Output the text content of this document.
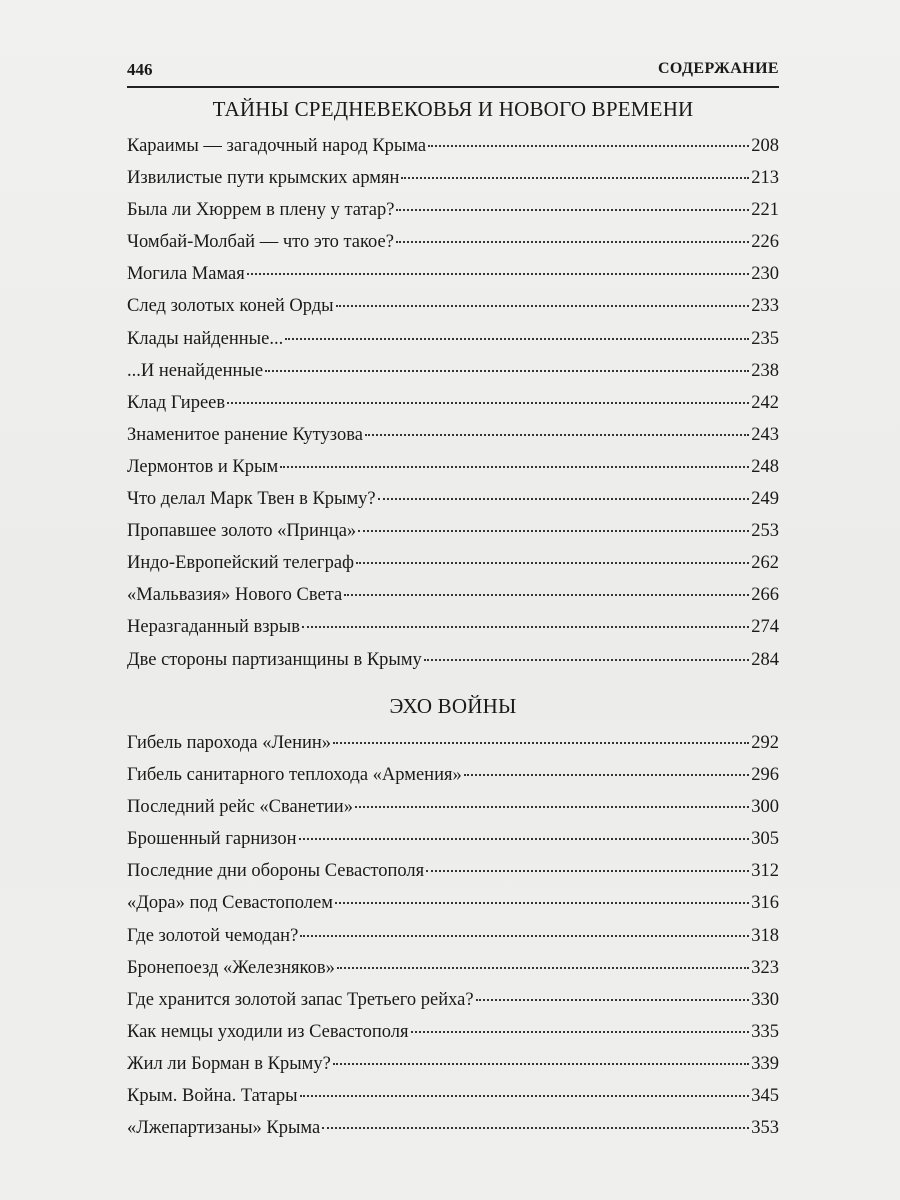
446	СОДЕРЖАНИЕ
ТАЙНЫ СРЕДНЕВЕКОВЬЯ И НОВОГО ВРЕМЕНИ
Караимы — загадочный народ Крыма	208
Извилистые пути крымских армян	213
Была ли Хюррем в плену у татар?	221
Чомбай-Молбай — что это такое?	226
Могила Мамая	230
След золотых коней Орды	233
Клады найденные...	235
...И ненайденные	238
Клад Гиреев	242
Знаменитое ранение Кутузова	243
Лермонтов и Крым	248
Что делал Марк Твен в Крыму?	249
Пропавшее золото «Принца»	253
Индо-Европейский телеграф	262
«Мальвазия» Нового Света	266
Неразгаданный взрыв	274
Две стороны партизанщины в Крыму	284
ЭХО ВОЙНЫ
Гибель парохода «Ленин»	292
Гибель санитарного теплохода «Армения»	296
Последний рейс «Сванетии»	300
Брошенный гарнизон	305
Последние дни обороны Севастополя	312
«Дора» под Севастополем	316
Где золотой чемодан?	318
Бронепоезд «Железняков»	323
Где хранится золотой запас Третьего рейха?	330
Как немцы уходили из Севастополя	335
Жил ли Борман в Крыму?	339
Крым. Война. Татары	345
«Лжепартизаны» Крыма	353
